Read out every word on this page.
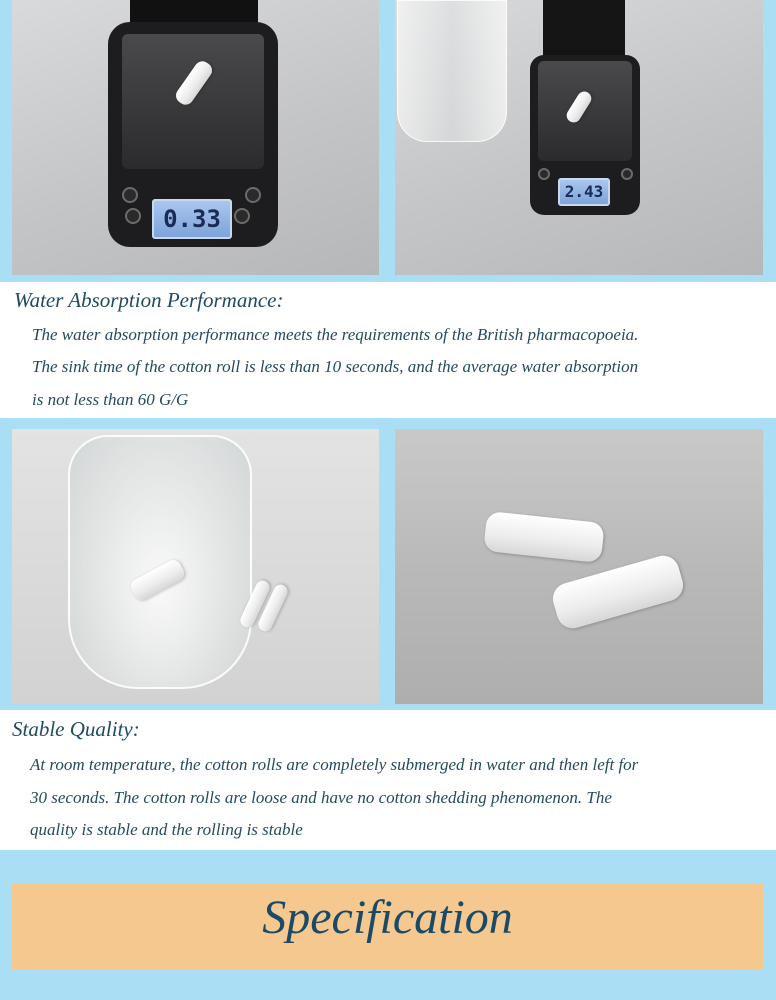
0.33
2.43
Water Absorption Performance:
The water absorption performance meets the requirements of the British pharmacopoeia.
The sink time of the cotton roll is less than 10 seconds, and the average water absorption
is not less than 60 G/G
Stable Quality:
At room temperature, the cotton rolls are completely submerged in water and then left for
30 seconds. The cotton rolls are loose and have no cotton shedding phenomenon. The
quality is stable and the rolling is stable
Specification
